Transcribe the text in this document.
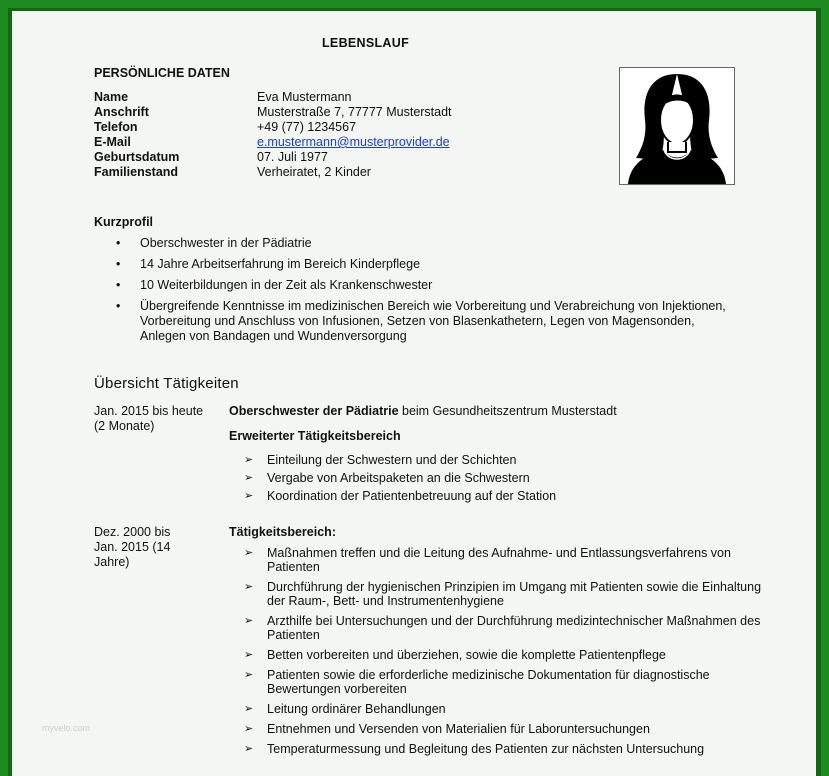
LEBENSLAUF
PERSÖNLICHE DATEN
Name	Eva Mustermann
Anschrift	Musterstraße 7, 77777 Musterstadt
Telefon	+49 (77) 1234567
E-Mail	e.mustermann@musterprovider.de
Geburtsdatum	07. Juli 1977
Familienstand	Verheiratet, 2 Kinder
Kurzprofil
• Oberschwester in der Pädiatrie
• 14 Jahre Arbeitserfahrung im Bereich Kinderpflege
• 10 Weiterbildungen in der Zeit als Krankenschwester
• Übergreifende Kenntnisse im medizinischen Bereich wie Vorbereitung und Verabreichung von Injektionen, Vorbereitung und Anschluss von Infusionen, Setzen von Blasenkathetern, Legen von Magensonden, Anlegen von Bandagen und Wundenversorgung
Übersicht Tätigkeiten
Jan. 2015 bis heute (2 Monate)
Oberschwester der Pädiatrie beim Gesundheitszentrum Musterstadt
Erweiterter Tätigkeitsbereich
➢ Einteilung der Schwestern und der Schichten
➢ Vergabe von Arbeitspaketen an die Schwestern
➢ Koordination der Patientenbetreuung auf der Station
Dez. 2000 bis Jan. 2015 (14 Jahre)
Tätigkeitsbereich:
➢ Maßnahmen treffen und die Leitung des Aufnahme- und Entlassungsverfahrens von Patienten
➢ Durchführung der hygienischen Prinzipien im Umgang mit Patienten sowie die Einhaltung der Raum-, Bett- und Instrumentenhygiene
➢ Arzthilfe bei Untersuchungen und der Durchführung medizintechnischer Maßnahmen des Patienten
➢ Betten vorbereiten und überziehen, sowie die komplette Patientenpflege
➢ Patienten sowie die erforderliche medizinische Dokumentation für diagnostische Bewertungen vorbereiten
➢ Leitung ordinärer Behandlungen
➢ Entnehmen und Versenden von Materialien für Laboruntersuchungen
➢ Temperaturmessung und Begleitung des Patienten zur nächsten Untersuchung
myvelo.com
